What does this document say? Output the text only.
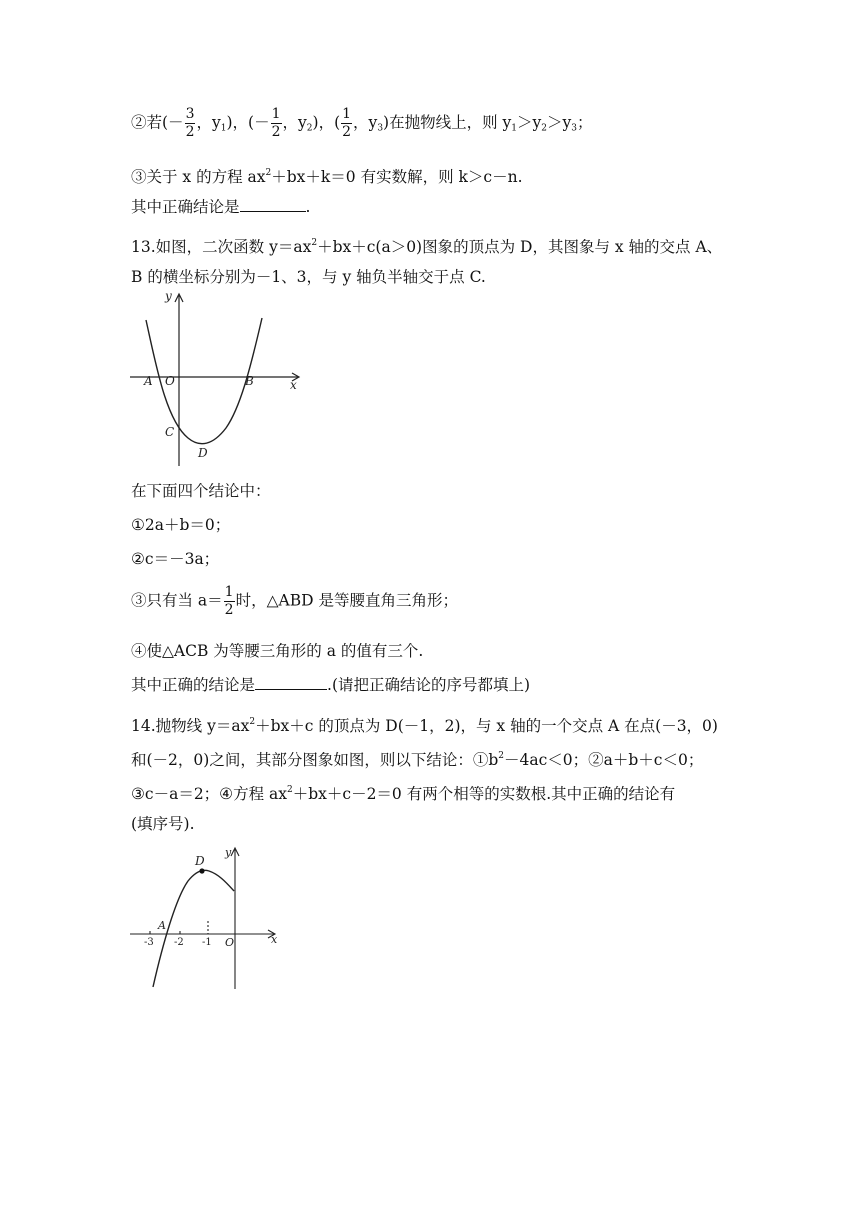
②若(－ $\frac{3}{2}$ ，$y_1$)，(－ $\frac{1}{2}$ ，$y_2$)，( $\frac{1}{2}$ ，$y_3$)在抛物线上，则 $y_1>y_2>y_3$；
③关于 x 的方程 $ax^2+bx+k=0$ 有实数解，则 k＞c－n.
其中正确结论是	.
13.如图，二次函数 $y=ax^2+bx+c(a>0)$图象的顶点为 D，其图象与 x 轴的交点 A、
B 的横坐标分别为－1、3，与 y 轴负半轴交于点 C.
y
x
A O	B
C
D
在下面四个结论中：
①2a＋b＝0；
②c＝－3a；
③只有当 $a= \frac{1}{2}$ 时，△ABD 是等腰直角三角形；
④使△ACB 为等腰三角形的 a 的值有三个.
其中正确的结论是	.(请把正确结论的序号都填上)
14.抛物线 $y=ax^2+bx+c$ 的顶点为 D(－1，2)，与 x 轴的一个交点 A 在点(－3，0)
和(－2，0)之间，其部分图象如图，则以下结论：$①b^2-4ac<0$；②a＋b＋c＜0；
③c－a＝2；④方程 $ax^2+bx+c-2=0$ 有两个相等的实数根.其中正确的结论有
(填序号).
y
x
D
A
O
-3 -2 -1
